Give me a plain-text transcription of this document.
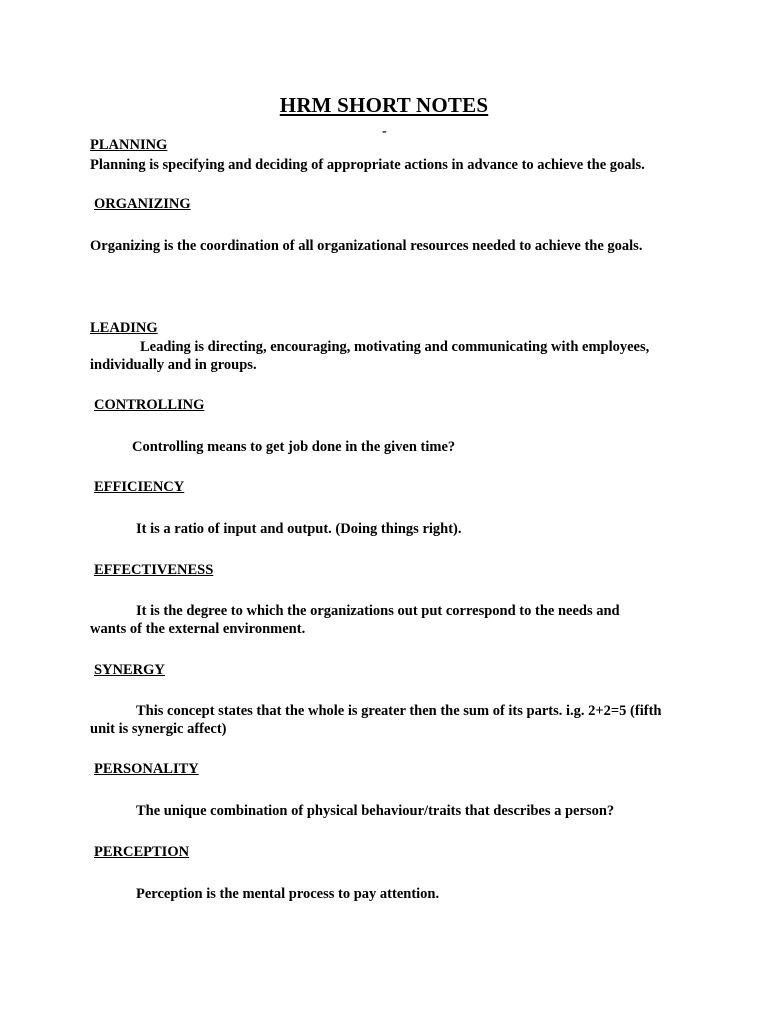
HRM SHORT NOTES
-
PLANNING
Planning is specifying and deciding of appropriate actions in advance to achieve the goals.
ORGANIZING
Organizing is the coordination of all organizational resources needed to achieve the goals.
LEADING
Leading is directing, encouraging, motivating and communicating with employees, individually and in groups.
CONTROLLING
Controlling means to get job done in the given time?
EFFICIENCY
It is a ratio of input and output. (Doing things right).
EFFECTIVENESS
It is the degree to which the organizations out put correspond to the needs and wants of the external environment.
SYNERGY
This concept states that the whole is greater then the sum of its parts. i.g. 2+2=5 (fifth unit is synergic affect)
PERSONALITY
The unique combination of physical behaviour/traits that describes a person?
PERCEPTION
Perception is the mental process to pay attention.
